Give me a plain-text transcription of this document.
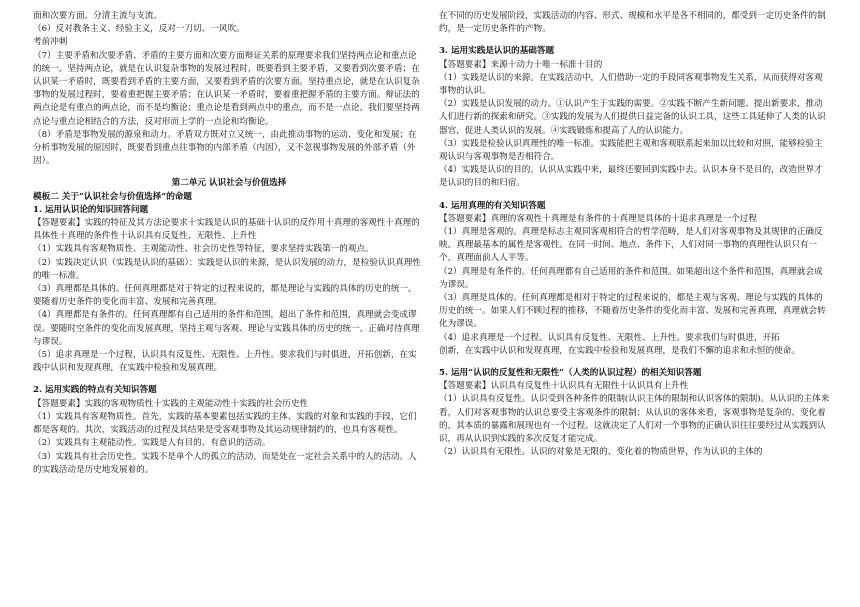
面和次要方面，分清主流与支流。
（6）反对教条主义、经验主义，反对一刀切、一风吹。
考前冲刺
（7）主要矛盾和次要矛盾、矛盾的主要方面和次要方面辩证关系的原理要求我们坚持两点论和重点论的统一。坚持两点论，就是在认识复杂事物的发展过程时，既要看到主要矛盾，又要看到次要矛盾；在认识某一矛盾时，既要看到矛盾的主要方面，又要看到矛盾的次要方面。坚持重点论，就是在认识复杂事物的发展过程时，要着重把握主要矛盾；在认识某一矛盾时，要着重把握矛盾的主要方面。辩证法的两点论是有重点的两点论，而不是均衡论；重点论是看到两点中的重点，而不是一点论。我们要坚持两点论与重点论相结合的方法，反对形而上学的一点论和均衡论。
（8）矛盾是事物发展的源泉和动力。矛盾双方既对立又统一，由此推动事物的运动、变化和发展；在分析事物发展的原因时，既要看到重点往事物的内部矛盾（内因），又不忽视事物发展的外部矛盾（外因）。
第二单元 认识社会与价值选择
模板二 关于“认识社会与价值选择”的命题
1. 运用认识论的知识回答问题
【答题要素】实践的特征及其方法论要求十实践是认识的基础十认识的反作用十真理的客观性十真理的具体性十真理的条件性十认识具有反复性、无限性、上升性
（1）实践具有客观物质性、主观能动性、社会历史性等特征，要求坚持实践第一的观点。
（2）实践决定认识（实践是认识的基础）：实践是认识的来源，是认识发展的动力，是检验认识真理性的唯一标准。
（3）真理都是具体的。任何真理都是对于特定的过程来说的，都是理论与实践的具体的历史的统一。要随着历史条件的变化而丰富、发展和完善真理。
（4）真理都是有条件的。任何真理都有自己适用的条件和范围，超出了条件和范围，真理就会变成谬误。要随时空条件的变化而发展真理，坚持主观与客观、理论与实践具体的历史的统一。正确对待真理与谬误。
（5）追求真理是一个过程，认识具有反复性、无限性、上升性。要求我们与时俱进，开拓创新，在实践中认识和发现真理，在实践中检验和发展真理。
2. 运用实践的特点有关知识答题
【答题要素】实践的客观物质性十实践的主观能动性十实践的社会历史性
（1）实践具有客观物质性。首先，实践的基本要素包括实践的主体、实践的对象和实践的手段，它们都是客观的。其次，实践活动的过程及其结果是受客观事物及其运动规律制约的，也具有客观性。
（2）实践具有主观能动性。实践是人有目的、有意识的活动。
（3）实践具有社会历史性。实践不是单个人的孤立的活动，而是处在一定社会关系中的人的活动。人的实践活动是历史地发展着的。
在不同的历史发展阶段，实践活动的内容、形式、规模和水平是各不相同的，都受到一定历史条件的制约，是一定历史条件的产物。
3. 运用实践是认识的基础答题
【答题要素】来源十动力十唯一标准十目的
（1）实践是认识的来源。在实践活动中，人们借助一定的手段同客观事物发生关系，从而获得对客观事物的认识。
（2）实践是认识发展的动力。①认识产生于实践的需要。②实践不断产生新问题、提出新要求，推动人们进行新的探索和研究。③实践的发展为人们提供日益完备的认识工具，这些工具延伸了人类的认识器官，促进人类认识的发展。④实践锻炼和提高了人的认识能力。
（3）实践是检验认识真理性的唯一标准。实践能把主观和客观联系起来加以比较和对照，能够检验主观认识与客观事物是否相符合。
（4）实践是认识的目的。认识从实践中来，最终还要回到实践中去。认识本身不是目的，改造世界才是认识的目的和归宿。
4. 运用真理的有关知识答题
【答题要素】真理的客观性十真理是有条件的十真理是具体的十追求真理是一个过程
（1）真理是客观的。真理是标志主观同客观相符合的哲学范畴，是人们对客观事物及其规律的正确反映。真理最基本的属性是客观性。在同一时间、地点、条件下，人们对同一事物的真理性认识只有一个，真理面前人人平等。
（2）真理是有条件的。任何真理都有自己适用的条件和范围。如果超出这个条件和范围，真理就会成为谬误。
（3）真理是具体的。任何真理都是相对于特定的过程来说的，都是主观与客观、理论与实践的具体的历史的统一。如果人们不顾过程的推移，不随着历史条件的变化而丰富、发展和完善真理，真理就会转化为谬误。
（4）追求真理是一个过程。认识具有反复性、无限性、上升性。要求我们与时俱进，开拓
创新，在实践中认识和发现真理，在实践中检验和发展真理，是我们不懈的追求和永恒的使命。
5. 运用“认识的反复性和无限性”（人类的认识过程）的相关知识答题
【答题要素】认识具有反复性十认识具有无限性十认识具有上升性
（1）认识具有反复性。认识受到各种条件的限制(认识主体的限制和认识客体的限制)。从认识的主体来看，人们对客观事物的认识总要受主客观条件的限制；从认识的客体来看，客观事物是复杂的、变化着的，其本质的暴露和展现也有一个过程。这就决定了人们对一个事物的正确认识往往要经过从实践到认识，再从认识到实践的多次反复才能完成。
（2）认识具有无限性。认识的对象是无限的、变化着的物质世界，作为认识的主体的
